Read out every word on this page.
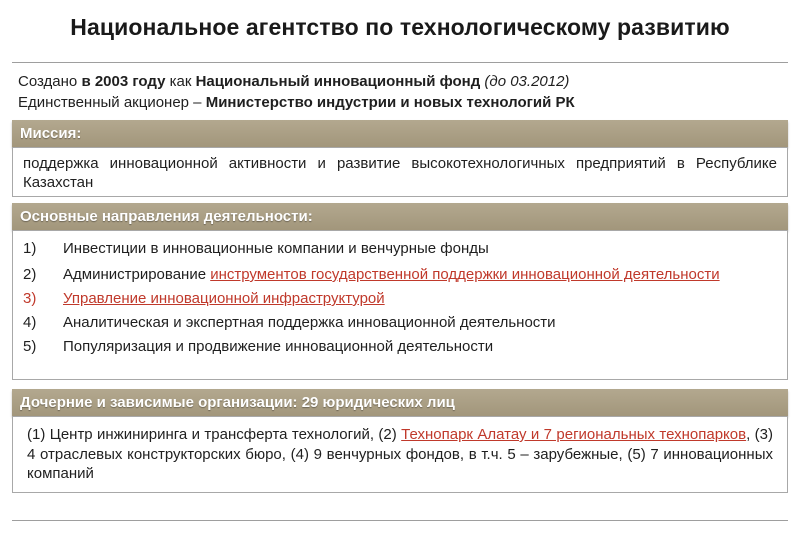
Национальное агентство по технологическому развитию
Создано в 2003 году как Национальный инновационный фонд (до 03.2012)
Единственный акционер – Министерство индустрии и новых технологий РК
Миссия:
поддержка инновационной активности и развитие высокотехнологичных предприятий в Республике Казахстан
Основные направления деятельности:
1) Инвестиции в инновационные компании и венчурные фонды
2) Администрирование инструментов государственной поддержки инновационной деятельности
3) Управление инновационной инфраструктурой
4) Аналитическая и экспертная поддержка инновационной деятельности
5) Популяризация и продвижение инновационной деятельности
Дочерние и зависимые организации: 29 юридических лиц
(1) Центр инжиниринга и трансферта технологий, (2) Технопарк Алатау и 7 региональных технопарков, (3) 4 отраслевых конструкторских бюро, (4) 9 венчурных фондов, в т.ч. 5 – зарубежные, (5) 7 инновационных компаний
